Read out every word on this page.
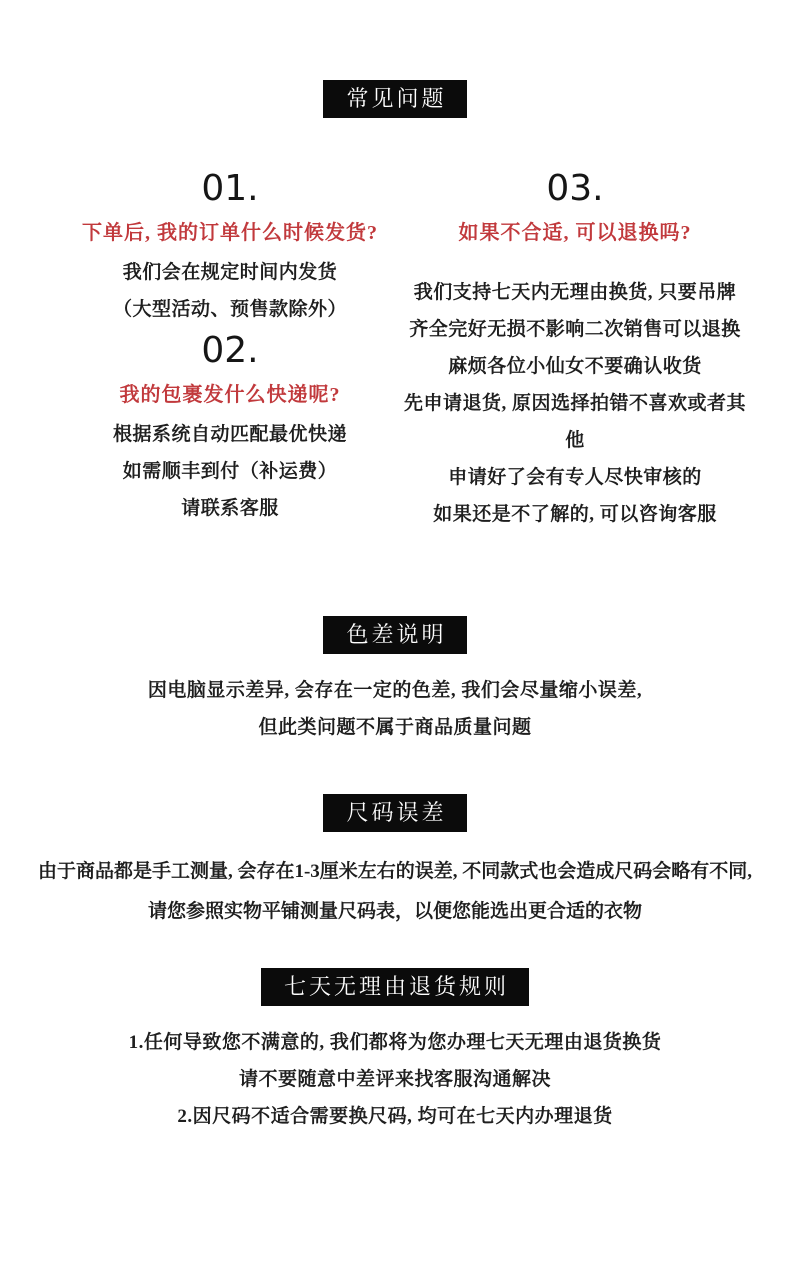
常见问题
01.
下单后, 我的订单什么时候发货?

我们会在规定时间内发货

（大型活动、预售款除外）

02.
我的包裹发什么快递呢?

根据系统自动匹配最优快递

如需顺丰到付（补运费）

请联系客服

03.
如果不合适, 可以退换吗?

我们支持七天内无理由换货, 只要吊牌

齐全完好无损不影响二次销售可以退换

麻烦各位小仙女不要确认收货

先申请退货, 原因选择拍错不喜欢或者其他

申请好了会有专人尽快审核的

如果还是不了解的, 可以咨询客服

色差说明

因电脑显示差异, 会存在一定的色差, 我们会尽量缩小误差,

但此类问题不属于商品质量问题

尺码误差

由于商品都是手工测量, 会存在1-3厘米左右的误差, 不同款式也会造成尺码会略有不同,

请您参照实物平铺测量尺码表，以便您能选出更合适的衣物

七天无理由退货规则

1.任何导致您不满意的, 我们都将为您办理七天无理由退货换货

请不要随意中差评来找客服沟通解决

2.因尺码不适合需要换尺码, 均可在七天内办理退货
